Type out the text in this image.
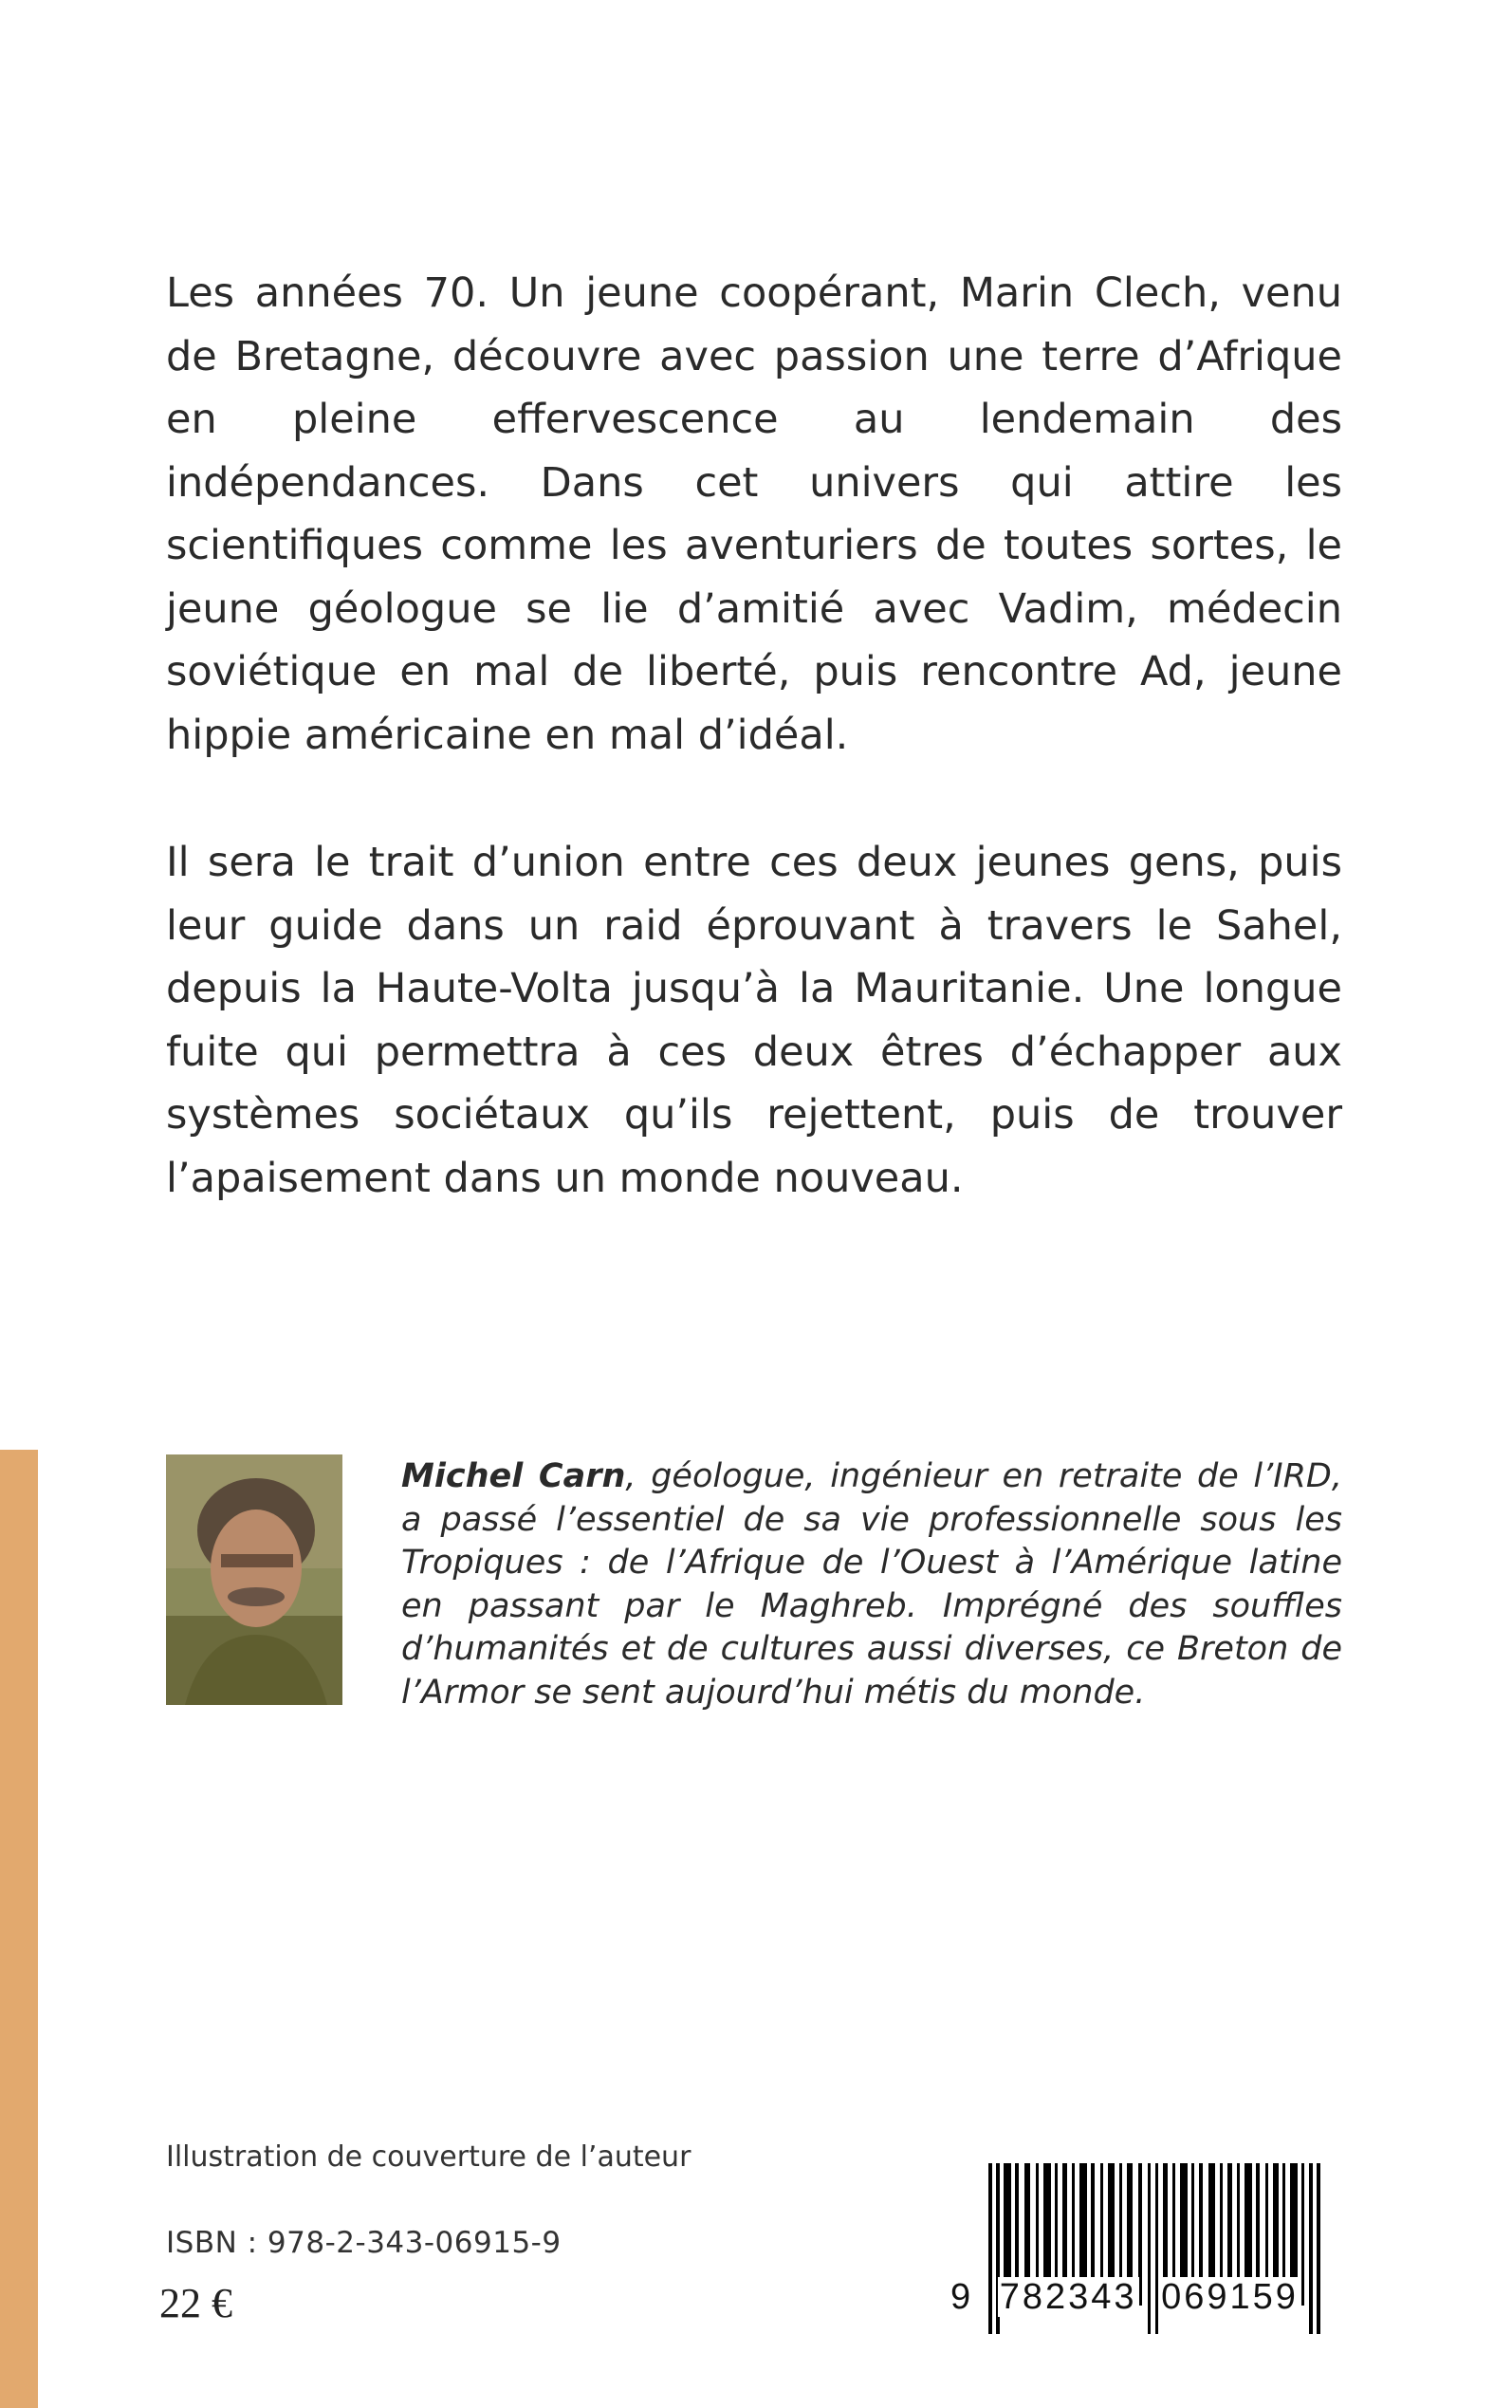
Les années 70. Un jeune coopérant, Marin Clech, venu de Bretagne, découvre avec passion une terre d’Afrique en pleine effervescence au lendemain des indépendances. Dans cet univers qui attire les scientifiques comme les aventuriers de toutes sortes, le jeune géologue se lie d’amitié avec Vadim, médecin soviétique en mal de liberté, puis rencontre Ad, jeune hippie américaine en mal d’idéal.

Il sera le trait d’union entre ces deux jeunes gens, puis leur guide dans un raid éprouvant à travers le Sahel, depuis la Haute-Volta jusqu’à la Mauritanie. Une longue fuite qui permettra à ces deux êtres d’échapper aux systèmes sociétaux qu’ils rejettent, puis de trouver l’apaisement dans un monde nouveau.

Michel Carn, géologue, ingénieur en retraite de l’IRD, a passé l’essentiel de sa vie professionnelle sous les Tropiques : de l’Afrique de l’Ouest à l’Amérique latine en passant par le Maghreb. Imprégné des souffles d’humanités et de cultures aussi diverses, ce Breton de l’Armor se sent aujourd’hui métis du monde.

Illustration de couverture de l’auteur
ISBN : 978-2-343-06915-9
22 €	9 782343 069159
